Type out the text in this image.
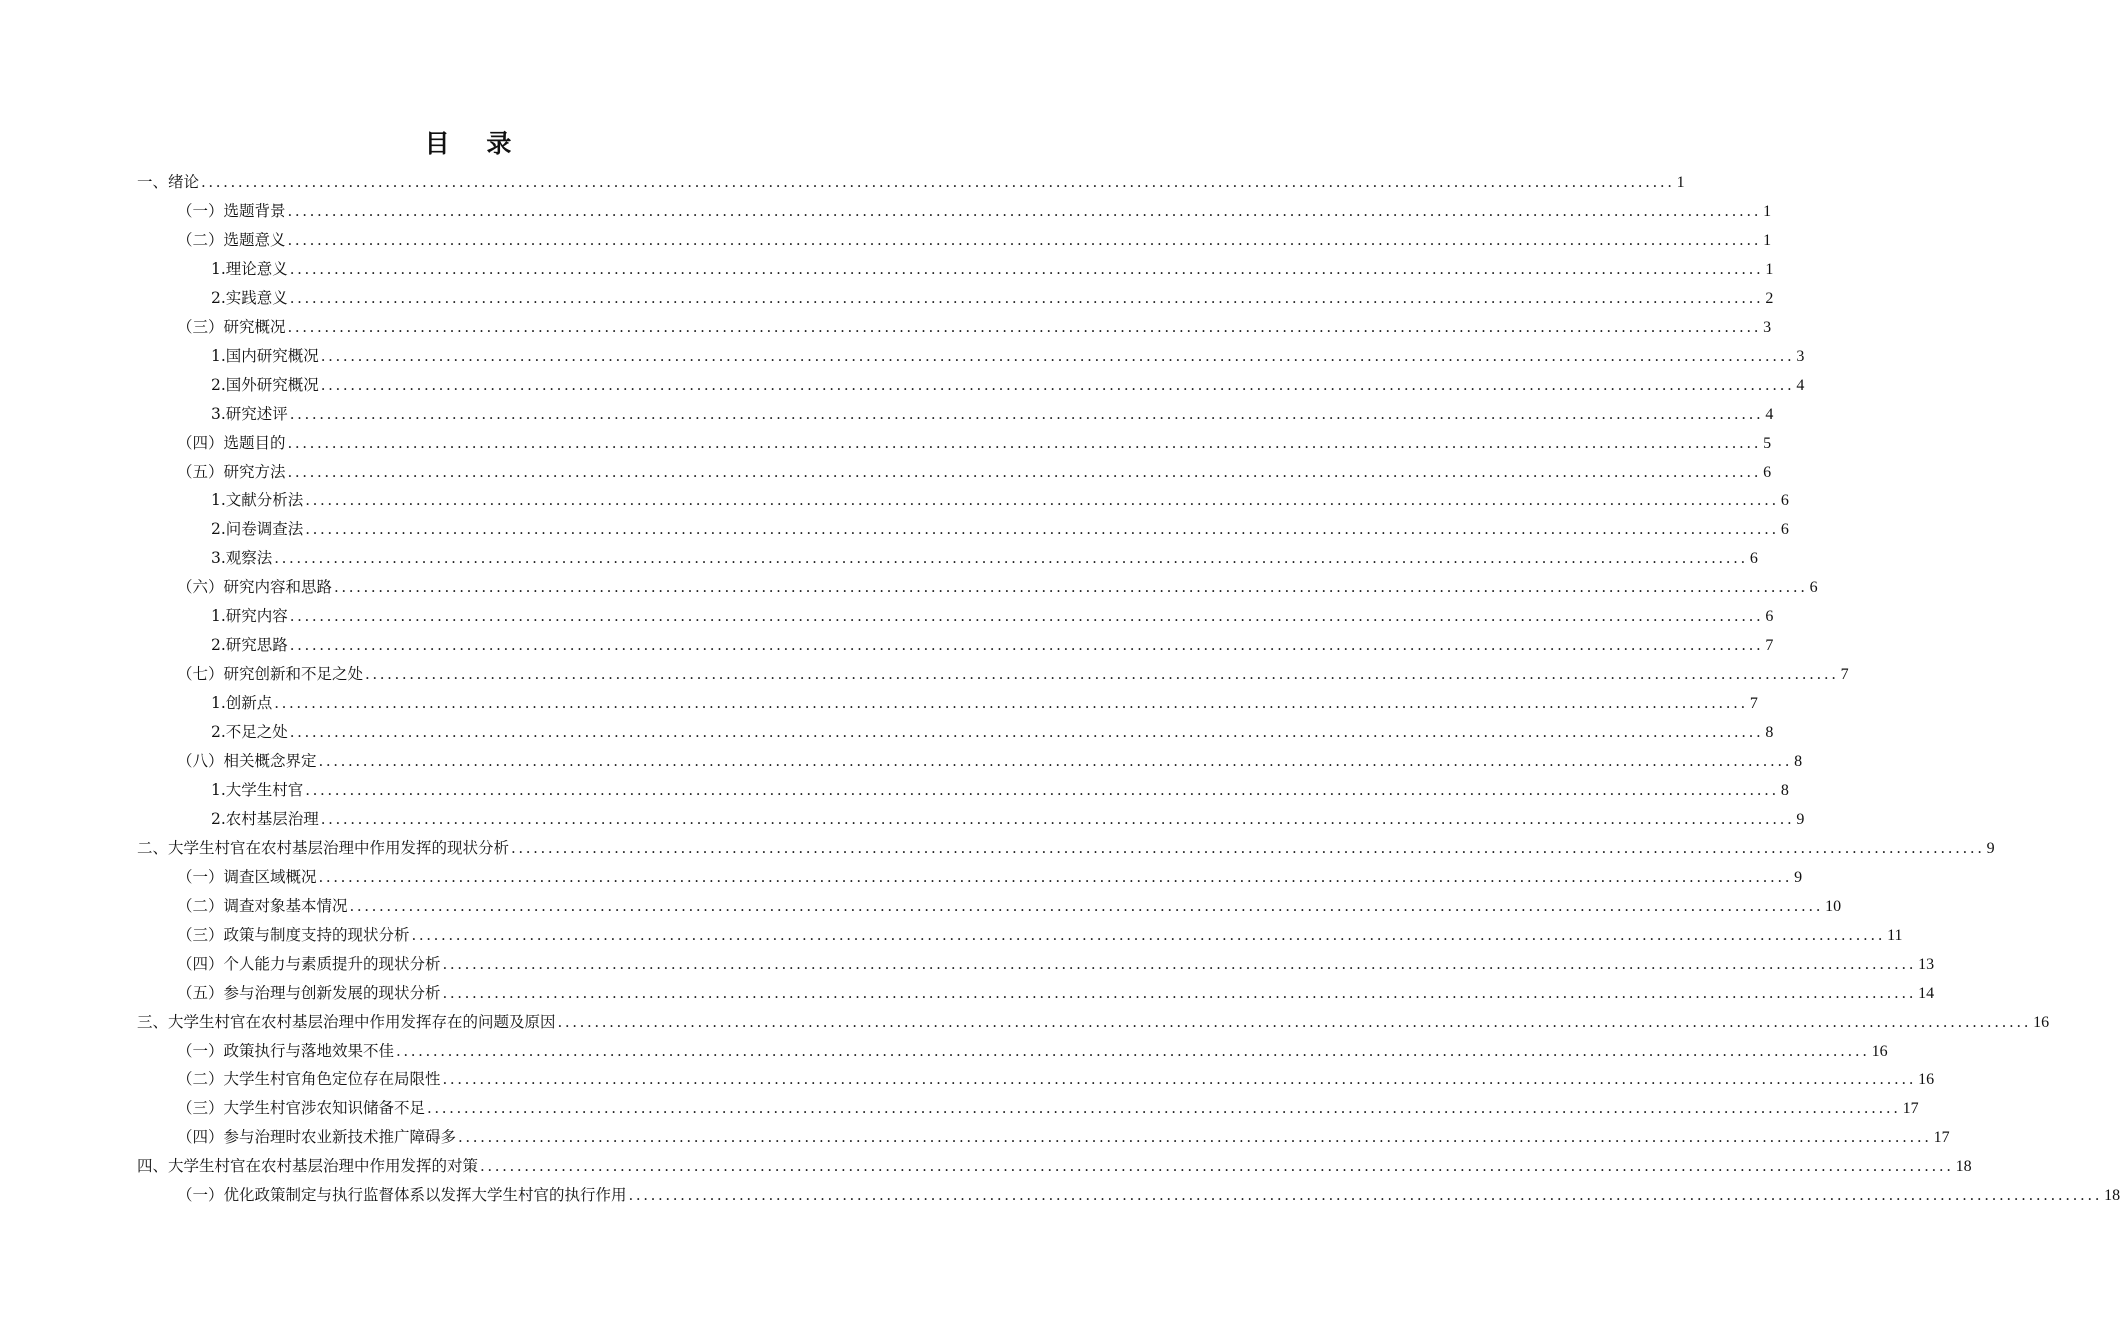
目 录
一、绪论 ........................................................................................................................................................................................................ 1
（一）选题背景 ........................................................................................................................................................................................................ 1
（二）选题意义 ........................................................................................................................................................................................................ 1
1.理论意义 ........................................................................................................................................................................................................ 1
2.实践意义 ........................................................................................................................................................................................................ 2
（三）研究概况 ........................................................................................................................................................................................................ 3
1.国内研究概况 ........................................................................................................................................................................................................ 3
2.国外研究概况 ........................................................................................................................................................................................................ 4
3.研究述评 ........................................................................................................................................................................................................ 4
（四）选题目的 ........................................................................................................................................................................................................ 5
（五）研究方法 ........................................................................................................................................................................................................ 6
1.文献分析法 ........................................................................................................................................................................................................ 6
2.问卷调查法 ........................................................................................................................................................................................................ 6
3.观察法 ........................................................................................................................................................................................................ 6
（六）研究内容和思路 ........................................................................................................................................................................................................ 6
1.研究内容 ........................................................................................................................................................................................................ 6
2.研究思路 ........................................................................................................................................................................................................ 7
（七）研究创新和不足之处 ........................................................................................................................................................................................................ 7
1.创新点 ........................................................................................................................................................................................................ 7
2.不足之处 ........................................................................................................................................................................................................ 8
（八）相关概念界定 ........................................................................................................................................................................................................ 8
1.大学生村官 ........................................................................................................................................................................................................ 8
2.农村基层治理 ........................................................................................................................................................................................................ 9
二、大学生村官在农村基层治理中作用发挥的现状分析 ........................................................................................................................................................................................................ 9
（一）调查区域概况 ........................................................................................................................................................................................................ 9
（二）调查对象基本情况 ........................................................................................................................................................................................................ 10
（三）政策与制度支持的现状分析 ........................................................................................................................................................................................................ 11
（四）个人能力与素质提升的现状分析 ........................................................................................................................................................................................................ 13
（五）参与治理与创新发展的现状分析 ........................................................................................................................................................................................................ 14
三、大学生村官在农村基层治理中作用发挥存在的问题及原因 ........................................................................................................................................................................................................ 16
（一）政策执行与落地效果不佳 ........................................................................................................................................................................................................ 16
（二）大学生村官角色定位存在局限性 ........................................................................................................................................................................................................ 16
（三）大学生村官涉农知识储备不足 ........................................................................................................................................................................................................ 17
（四）参与治理时农业新技术推广障碍多 ........................................................................................................................................................................................................ 17
四、大学生村官在农村基层治理中作用发挥的对策 ........................................................................................................................................................................................................ 18
（一）优化政策制定与执行监督体系以发挥大学生村官的执行作用 ........................................................................................................................................................................................................ 18
